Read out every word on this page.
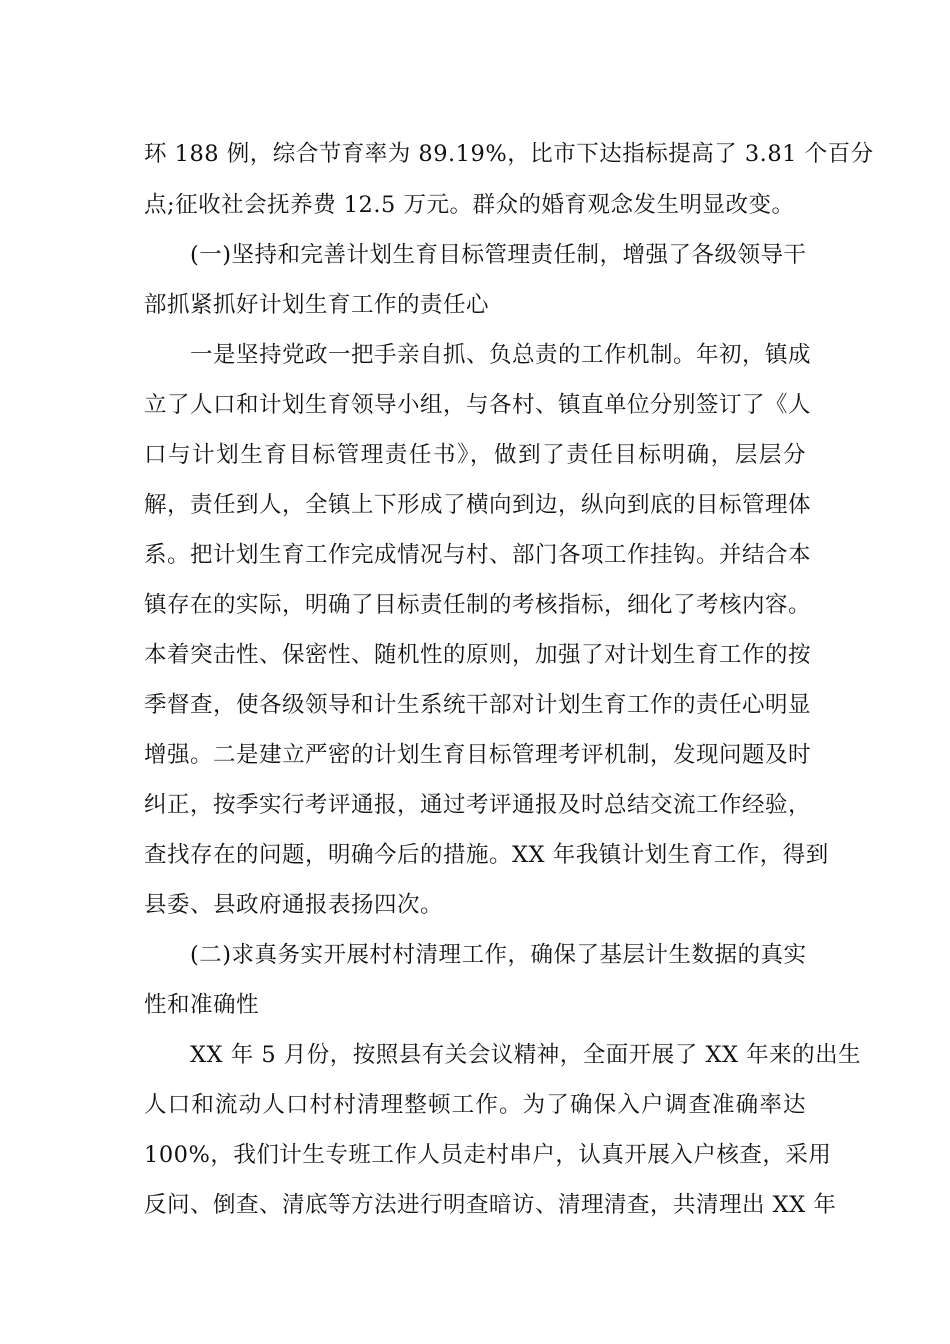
环 188 例，综合节育率为 89.19%，比市下达指标提高了 3.81 个百分
点;征收社会抚养费 12.5 万元。群众的婚育观念发生明显改变。
(一)坚持和完善计划生育目标管理责任制，增强了各级领导干
部抓紧抓好计划生育工作的责任心
一是坚持党政一把手亲自抓、负总责的工作机制。年初，镇成
立了人口和计划生育领导小组，与各村、镇直单位分别签订了《人
口与计划生育目标管理责任书》，做到了责任目标明确，层层分
解，责任到人，全镇上下形成了横向到边，纵向到底的目标管理体
系。把计划生育工作完成情况与村、部门各项工作挂钩。并结合本
镇存在的实际，明确了目标责任制的考核指标，细化了考核内容。
本着突击性、保密性、随机性的原则，加强了对计划生育工作的按
季督查，使各级领导和计生系统干部对计划生育工作的责任心明显
增强。二是建立严密的计划生育目标管理考评机制，发现问题及时
纠正，按季实行考评通报，通过考评通报及时总结交流工作经验，
查找存在的问题，明确今后的措施。XX 年我镇计划生育工作，得到
县委、县政府通报表扬四次。
(二)求真务实开展村村清理工作，确保了基层计生数据的真实
性和准确性
XX 年 5 月份，按照县有关会议精神，全面开展了 XX 年来的出生
人口和流动人口村村清理整顿工作。为了确保入户调查准确率达
100%，我们计生专班工作人员走村串户，认真开展入户核查，采用
反问、倒查、清底等方法进行明查暗访、清理清查，共清理出 XX 年
